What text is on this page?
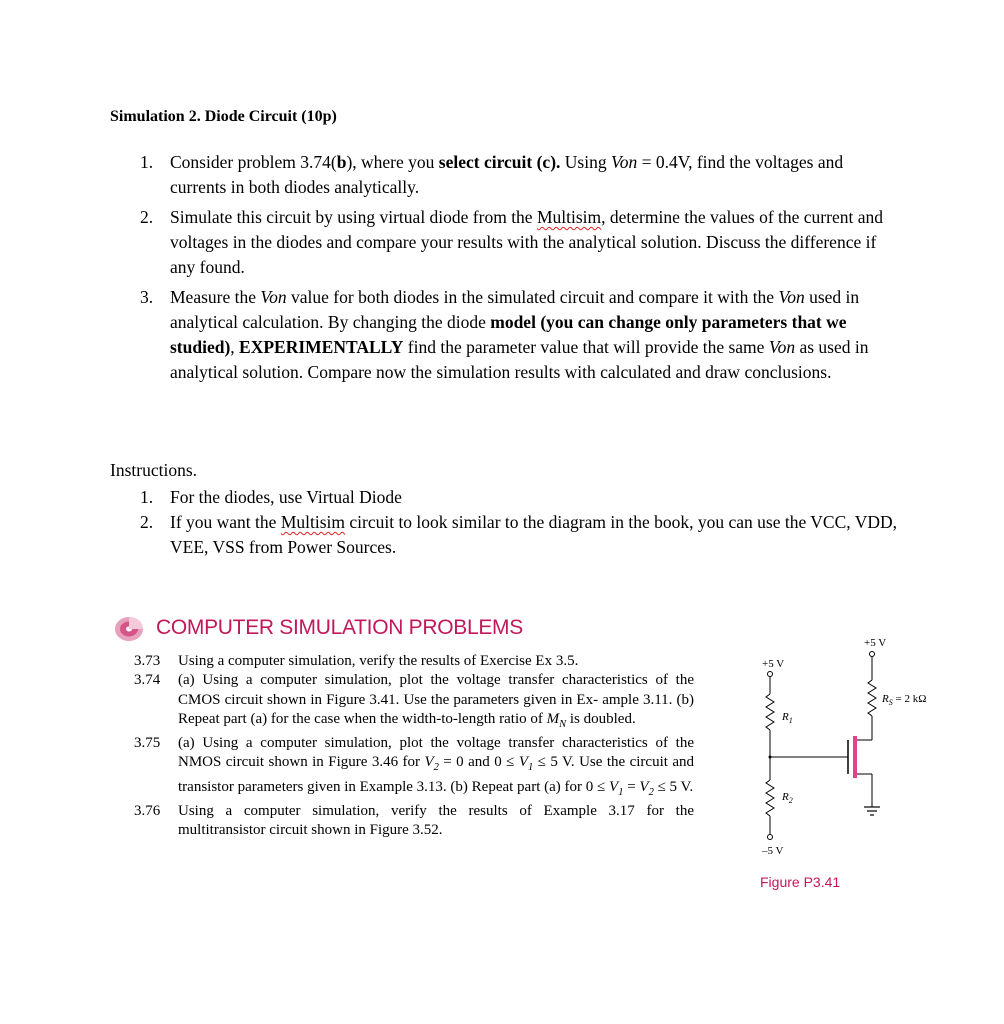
Simulation 2. Diode Circuit (10p)
1. Consider problem 3.74(b), where you select circuit (c). Using Von = 0.4V, find the voltages and currents in both diodes analytically.
2. Simulate this circuit by using virtual diode from the Multisim, determine the values of the current and voltages in the diodes and compare your results with the analytical solution. Discuss the difference if any found.
3. Measure the Von value for both diodes in the simulated circuit and compare it with the Von used in analytical calculation. By changing the diode model (you can change only parameters that we studied), EXPERIMENTALLY find the parameter value that will provide the same Von as used in analytical solution. Compare now the simulation results with calculated and draw conclusions.
Instructions.
1. For the diodes, use Virtual Diode
2. If you want the Multisim circuit to look similar to the diagram in the book, you can use the VCC, VDD, VEE, VSS from Power Sources.
COMPUTER SIMULATION PROBLEMS
3.73 Using a computer simulation, verify the results of Exercise Ex 3.5.
3.74 (a) Using a computer simulation, plot the voltage transfer characteristics of the CMOS circuit shown in Figure 3.41. Use the parameters given in Ex- ample 3.11. (b) Repeat part (a) for the case when the width-to-length ratio of $M_N$ is doubled.
3.75 (a) Using a computer simulation, plot the voltage transfer characteristics of the NMOS circuit shown in Figure 3.46 for $V_2 = 0$ and $0 \le V_1 \le 5$ V. Use the circuit and transistor parameters given in Example 3.13. (b) Repeat part (a) for $0 \le V_1 = V_2 \le 5$ V.
3.76 Using a computer simulation, verify the results of Example 3.17 for the multitransistor circuit shown in Figure 3.52.
+5 V
$R_1$
$R_2$
–5 V
+5 V
$R_S = 2$ kΩ
Figure P3.41
